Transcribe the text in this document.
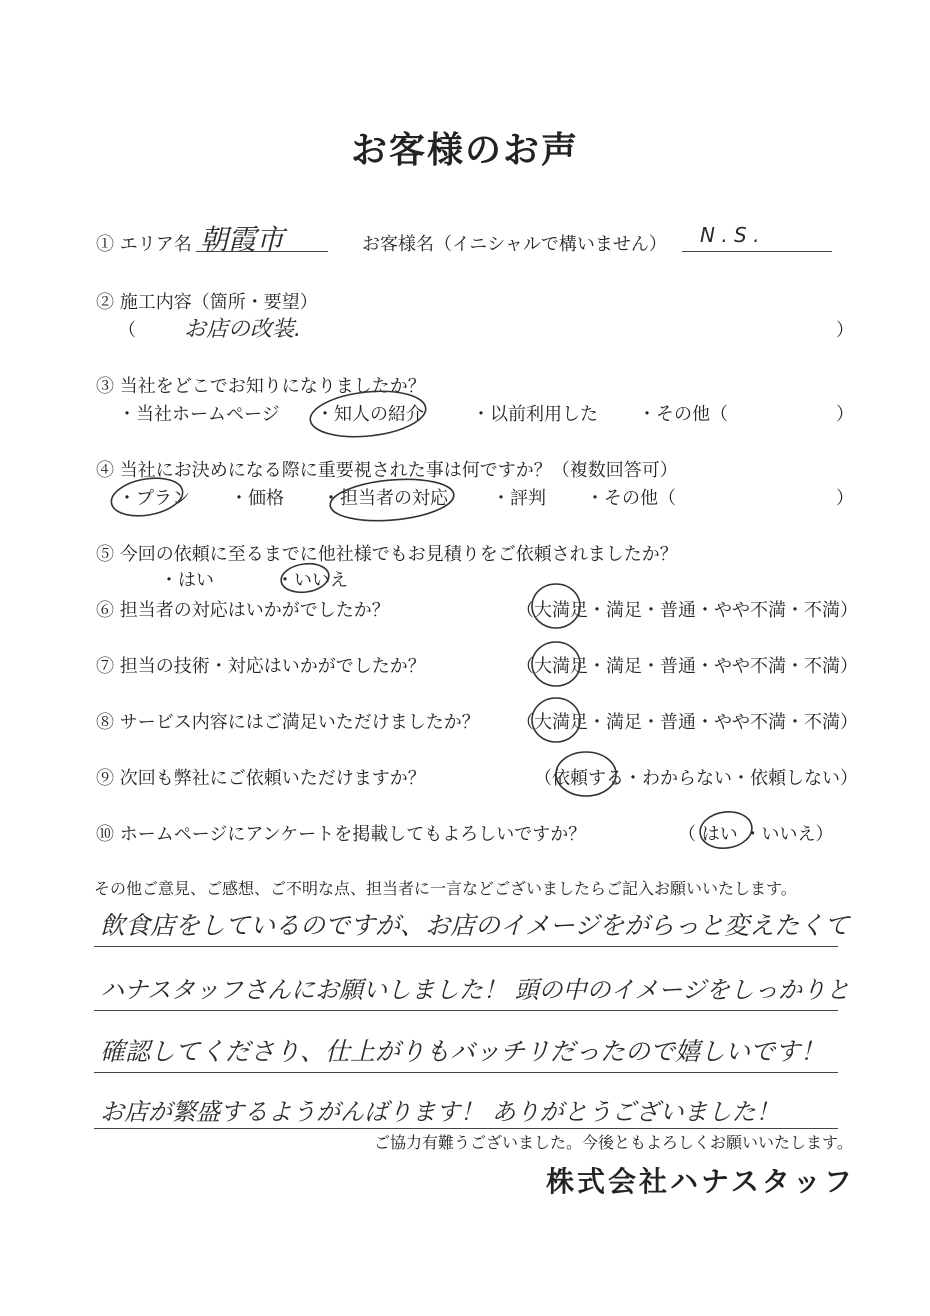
お客様のお声
① エリア名 朝霞市	お客様名（イニシャルで構いません） N . S .
② 施工内容（箇所・要望）
（ お店の改装.	）
③ 当社をどこでお知りになりましたか？
・当社ホームページ ・知人の紹介	・以前利用した ・その他（	）
④ 当社にお決めになる際に重要視された事は何ですか？（複数回答可）
・プラン ・価格 ・担当者の対応 ・評判 ・その他（	）
⑤ 今回の依頼に至るまでに他社様でもお見積りをご依頼されましたか？
・はい	・いいえ
⑥ 担当者の対応はいかがでしたか？	（大満足・満足・普通・やや不満・不満）
⑦ 担当の技術・対応はいかがでしたか？	（大満足・満足・普通・やや不満・不満）
⑧ サービス内容にはご満足いただけましたか？ （大満足・満足・普通・やや不満・不満）
⑨ 次回も弊社にご依頼いただけますか？	（依頼する・わからない・依頼しない）
⑩ ホームページにアンケートを掲載してもよろしいですか？	（ はい ・いいえ）
その他ご意見、ご感想、ご不明な点、担当者に一言などございましたらご記入お願いいたします。
飲食店をしているのですが、お店のイメージをがらっと変えたくて
ハナスタッフさんにお願いしました！ 頭の中のイメージをしっかりと
確認してくださり、仕上がりもバッチリだったので嬉しいです！
お店が繁盛するようがんばります！ ありがとうございました！
ご協力有難うございました。今後ともよろしくお願いいたします。
株式会社ハナスタッフ
